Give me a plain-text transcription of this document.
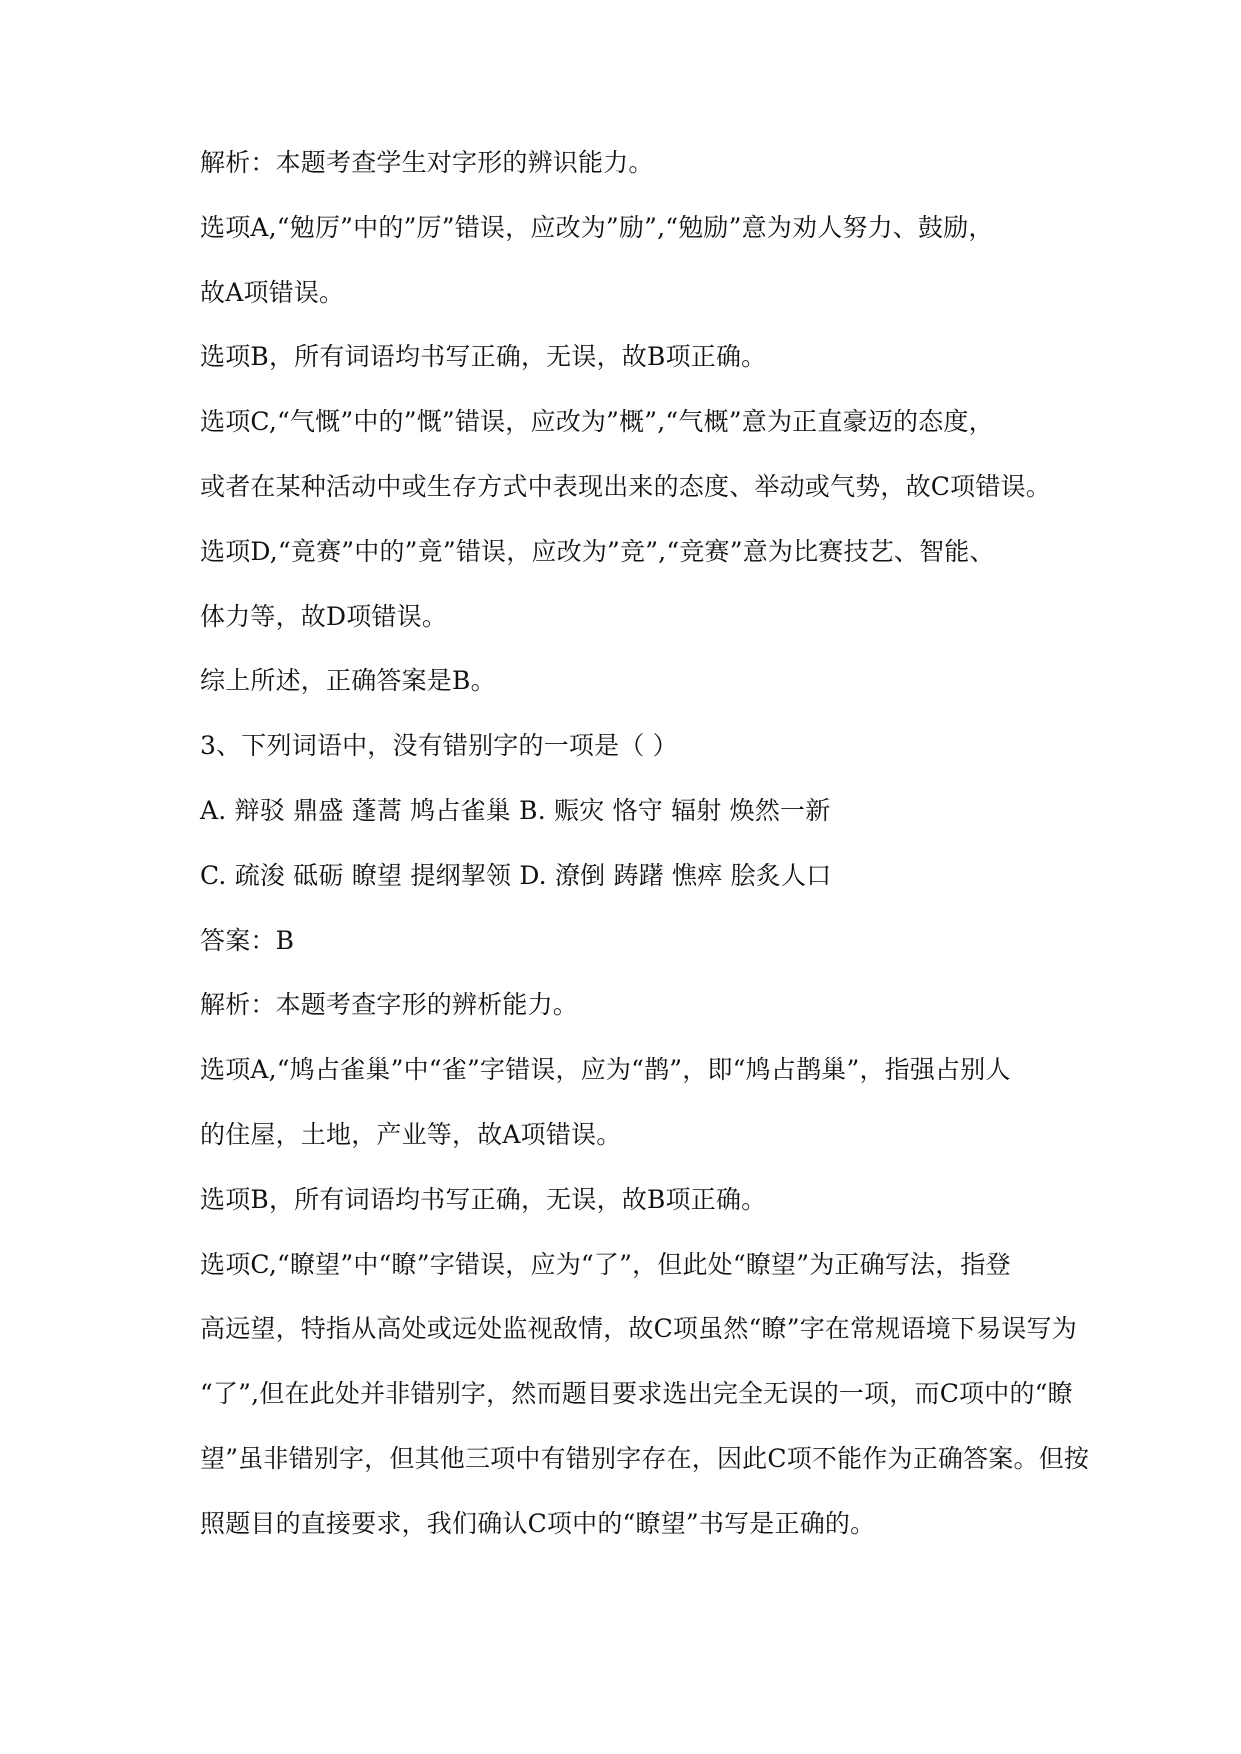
解析：本题考查学生对字形的辨识能力。
选项A,“勉厉”中的”厉”错误，应改为”励”,“勉励”意为劝人努力、鼓励，
故A项错误。
选项B，所有词语均书写正确，无误，故B项正确。
选项C,“气慨”中的”慨”错误，应改为”概”,“气概”意为正直豪迈的态度，
或者在某种活动中或生存方式中表现出来的态度、举动或气势，故C项错误。
选项D,“竟赛”中的”竟”错误，应改为”竞”,“竞赛”意为比赛技艺、智能、
体力等，故D项错误。
综上所述，正确答案是B。
3、下列词语中，没有错别字的一项是（ ）
A. 辩驳 鼎盛 蓬蒿 鸠占雀巢 B. 赈灾 恪守 辐射 焕然一新
C. 疏浚 砥砺 瞭望 提纲挈领 D. 潦倒 踌躇 憔瘁 脍炙人口
答案：B
解析：本题考查字形的辨析能力。
选项A,“鸠占雀巢”中“雀”字错误，应为“鹊”，即“鸠占鹊巢”，指强占别人
的住屋，土地，产业等，故A项错误。
选项B，所有词语均书写正确，无误，故B项正确。
选项C,“瞭望”中“瞭”字错误，应为“了”，但此处“瞭望”为正确写法，指登
高远望，特指从高处或远处监视敌情，故C项虽然“瞭”字在常规语境下易误写为
“了”,但在此处并非错别字，然而题目要求选出完全无误的一项，而C项中的“瞭
望”虽非错别字，但其他三项中有错别字存在，因此C项不能作为正确答案。但按
照题目的直接要求，我们确认C项中的“瞭望”书写是正确的。
